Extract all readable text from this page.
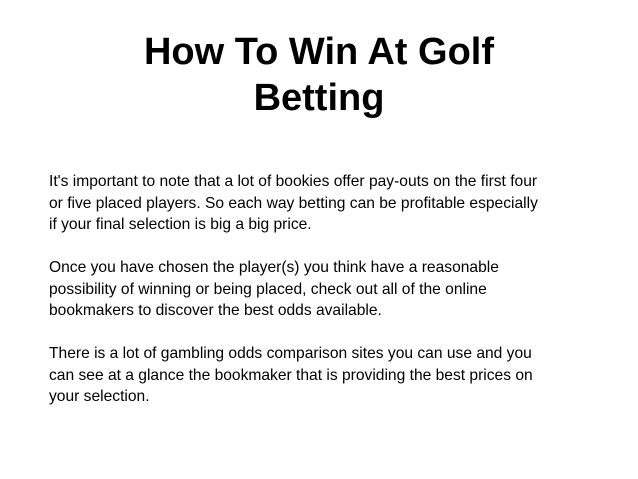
How To Win At Golf
Betting

It's important to note that a lot of bookies offer pay-outs on the first four
or five placed players. So each way betting can be profitable especially
if your final selection is big a big price.

Once you have chosen the player(s) you think have a reasonable
possibility of winning or being placed, check out all of the online
bookmakers to discover the best odds available.

There is a lot of gambling odds comparison sites you can use and you
can see at a glance the bookmaker that is providing the best prices on
your selection.
